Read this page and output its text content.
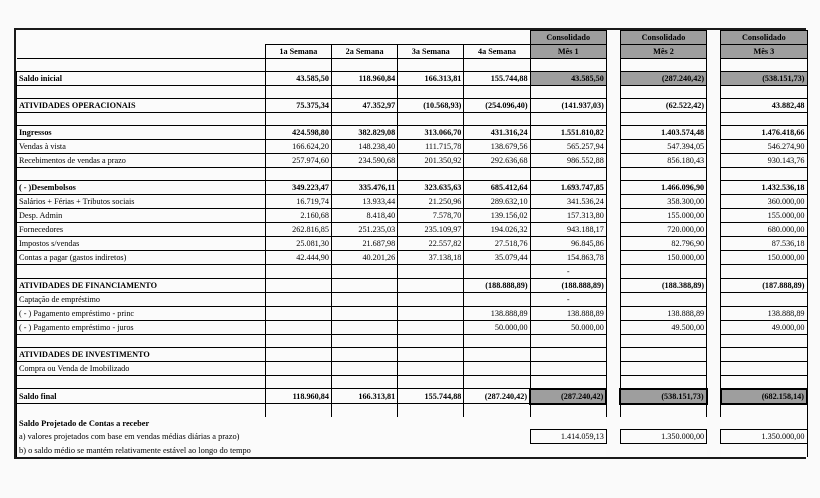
					Consolidado		Consolidado		Consolidado
	1a Semana	2a Semana	3a Semana	4a Semana	Mês 1		Mês 2		Mês 3

Saldo inicial	43.585,50	118.960,84	166.313,81	155.744,88	43.585,50		(287.240,42)		(538.151,73)

ATIVIDADES OPERACIONAIS	75.375,34	47.352,97	(10.568,93)	(254.096,40)	(141.937,03)		(62.522,42)		43.882,48

Ingressos	424.598,80	382.829,08	313.066,70	431.316,24	1.551.810,82		1.403.574,48		1.476.418,66
Vendas à vista	166.624,20	148.238,40	111.715,78	138.679,56	565.257,94		547.394,05		546.274,90
Recebimentos de vendas a prazo	257.974,60	234.590,68	201.350,92	292.636,68	986.552,88		856.180,43		930.143,76

( - )Desembolsos	349.223,47	335.476,11	323.635,63	685.412,64	1.693.747,85		1.466.096,90		1.432.536,18
Salários + Férias + Tributos sociais	16.719,74	13.933,44	21.250,96	289.632,10	341.536,24		358.300,00		360.000,00
Desp. Admin	2.160,68	8.418,40	7.578,70	139.156,02	157.313,80		155.000,00		155.000,00
Fornecedores	262.816,85	251.235,03	235.109,97	194.026,32	943.188,17		720.000,00		680.000,00
Impostos s/vendas	25.081,30	21.687,98	22.557,82	27.518,76	96.845,86		82.796,90		87.536,18
Contas a pagar (gastos indiretos)	42.444,90	40.201,26	37.138,18	35.079,44	154.863,78		150.000,00		150.000,00
					-				
ATIVIDADES DE FINANCIAMENTO				(188.888,89)	(188.888,89)		(188.388,89)		(187.888,89)
Captação de empréstimo					-				
( - ) Pagamento empréstimo - princ				138.888,89	138.888,89		138.888,89		138.888,89
( - ) Pagamento empréstimo - juros				50.000,00	50.000,00		49.500,00		49.000,00

ATIVIDADES DE INVESTIMENTO									
Compra ou Venda de Imobilizado									

Saldo final	118.960,84	166.313,81	155.744,88	(287.240,42)	(287.240,42)		(538.151,73)		(682.158,14)

Saldo Projetado de Contas a receber									
a) valores projetados com base em vendas médias diárias a prazo)					1.414.059,13		1.350.000,00		1.350.000,00
b) o saldo médio se mantém relativamente estável ao longo do tempo									
